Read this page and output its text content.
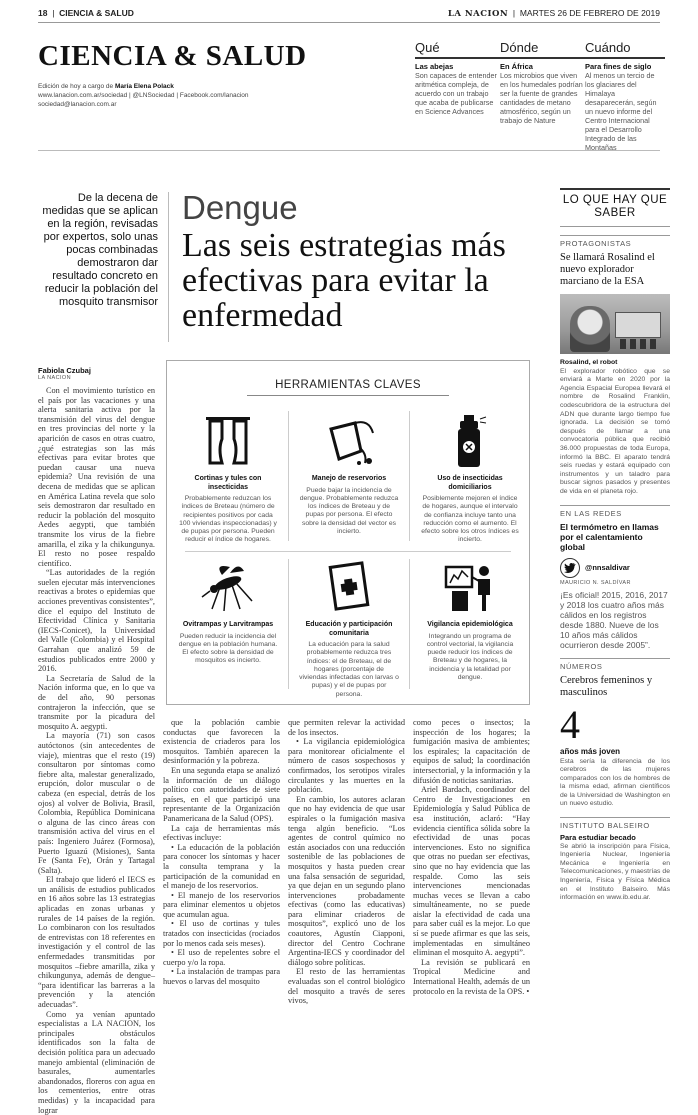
18  |  CIENCIA & SALUD	LA NACION  |  MARTES 26 DE FEBRERO DE 2019
CIENCIA & SALUD
Edición de hoy a cargo de María Elena Polack
www.lanacion.com.ar/sociedad | @LNSociedad | Facebook.com/lanacion
sociedad@lanacion.com.ar
Qué
Las abejas
Son capaces de entender aritmética compleja, de acuerdo con un trabajo que acaba de publicarse en Science Advances
Dónde
En África
Los microbios que viven en los humedales podrían ser la fuente de grandes cantidades de metano atmosférico, según un trabajo de Nature
Cuándo
Para fines de siglo
Al menos un tercio de los glaciares del Himalaya desaparecerán, según un nuevo informe del Centro Internacional para el Desarrollo Integrado de las Montañas
De la decena de medidas que se aplican en la región, revisadas por expertos, solo unas pocas combinadas demostraron dar resultado concreto en reducir la población del mosquito transmisor
Dengue
Las seis estrategias más efectivas para evitar la enfermedad
Fabiola Czubaj
LA NACION

Con el movimiento turístico en el país por las vacaciones y una alerta sanitaria activa por la transmisión del virus del dengue en tres provincias del norte y la aparición de casos en otras cuatro, ¿qué estrategias son las más efectivas para evitar brotes que puedan causar una nueva epidemia? Una revisión de una decena de medidas que se aplican en América Latina revela que solo seis demostraron dar resultado en reducir la población del mosquito Aedes aegypti, que también transmite los virus de la fiebre amarilla, el zika y la chikungunya. El resto no posee respaldo científico.

“Las autoridades de la región suelen ejecutar más intervenciones reactivas a brotes o epidemias que acciones preventivas consistentes”, dice el equipo del Instituto de Efectividad Clínica y Sanitaria (IECS-Conicet), la Universidad del Valle (Colombia) y el Hospital Garrahan que analizó 59 de estudios publicados entre 2000 y 2016.

La Secretaría de Salud de la Nación informa que, en lo que va de del año, 90 personas contrajeron la infección, que se transmite por la picadura del mosquito A. aegypti.

La mayoría (71) son casos autóctonos (sin antecedentes de viaje), mientras que el resto (19) consultaron por síntomas como fiebre alta, malestar generalizado, erupción, dolor muscular o de cabeza (en especial, detrás de los ojos) al volver de Bolivia, Brasil, Colombia, República Dominicana o alguna de las cinco áreas con transmisión activa del virus en el país: Ingeniero Juárez (Formosa), Puerto Iguazú (Misiones), Santa Fe (Santa Fe), Orán y Tartagal (Salta).

El trabajo que lideró el IECS es un análisis de estudios publicados en 16 años sobre las 13 estrategias aplicadas en zonas urbanas y rurales de 14 países de la región. Lo combinaron con los resultados de entrevistas con 18 referentes en investigación y el control de las enfermedades transmitidas por mosquitos –fiebre amarilla, zika y chikungunya, además de dengue– “para identificar las barreras a la prevención y la atención adecuadas”.

Como ya venían apuntado especialistas a LA NACION, los principales obstáculos identificados son la falta de decisión política para un adecuado manejo ambiental (eliminación de basurales, aumentarles abandonados, floreros con agua en los cementerios, entre otras medidas) y la incapacidad para lograr

que la población cambie conductas que favorecen la existencia de criaderos para los mosquitos. También aparecen la desinformación y la pobreza.

En una segunda etapa se analizó la información de un diálogo político con autoridades de siete países, en el que participó una representante de la Organización Panamericana de la Salud (OPS).

La caja de herramientas más efectivas incluye:

• La educación de la población para conocer los síntomas y hacer la consulta temprana y la participación de la comunidad en el manejo de los reservorios.

• El manejo de los reservorios para eliminar elementos u objetos que acumulan agua.

• El uso de cortinas y tules tratados con insecticidas (rociados por lo menos cada seis meses).

• El uso de repelentes sobre el cuerpo y/o la ropa.

• La instalación de trampas para huevos o larvas del mosquito

que permiten relevar la actividad de los insectos.

• La vigilancia epidemiológica para monitorear oficialmente el número de casos sospechosos y confirmados, los serotipos virales circulantes y las muertes en la población.

En cambio, los autores aclaran que no hay evidencia de que usar espirales o la fumigación masiva tenga algún beneficio. “Los agentes de control químico no están asociados con una reducción sostenible de las poblaciones de mosquitos y hasta pueden crear una falsa sensación de seguridad, ya que dejan en un segundo plano intervenciones probadamente efectivas (como las educativas) para eliminar criaderos de mosquitos”, explicó uno de los coautores, Agustín Ciapponi, director del Centro Cochrane Argentina-IECS y coordinador del diálogo sobre políticas.

El resto de las herramientas evaluadas son el control biológico del mosquito a través de seres vivos,

como peces o insectos; la inspección de los hogares; la fumigación masiva de ambientes; los espirales; la capacitación de equipos de salud; la coordinación intersectorial, y la información y la difusión de noticias sanitarias.

Ariel Bardach, coordinador del Centro de Investigaciones en Epidemiología y Salud Pública de esa institución, aclaró: “Hay evidencia científica sólida sobre la efectividad de unas pocas intervenciones. Esto no significa que otras no puedan ser efectivas, sino que no hay evidencia que las respalde. Como las seis intervenciones mencionadas muchas veces se llevan a cabo simultáneamente, no se puede aislar la efectividad de cada una para saber cuál es la mejor. Lo que sí se puede afirmar es que las seis, implementadas en simultáneo eliminan el mosquito A. aegypti”.

La revisión se publicará en Tropical Medicine and International Health, además de un protocolo en la revista de la OPS. •

HERRAMIENTAS CLAVES
Cortinas y tules con insecticidas
Probablemente reduzcan los índices de Breteau (número de recipientes positivos por cada 100 viviendas inspeccionadas) y de pupas por persona. Pueden reducir el índice de hogares.
Manejo de reservorios
Puede bajar la incidencia de dengue. Probablemente reduzca los índices de Breteau y de pupas por persona. El efecto sobre la densidad del vector es incierto.
Uso de insecticidas domiciliarios
Posiblemente mejoren el índice de hogares, aunque el intervalo de confianza incluye tanto una reducción como el aumento. El efecto sobre los otros índices es incierto.
Ovitrampas y Larvitrampas
Pueden reducir la incidencia del dengue en la población humana. El efecto sobre la densidad de mosquitos es incierto.
Educación y participación comunitaria
La educación para la salud probablemente reduzca tres índices: el de Breteau, el de hogares (porcentaje de viviendas infectadas con larvas o pupas) y el de pupas por persona.
Vigilancia epidemiológica
Integrando un programa de control vectorial, la vigilancia puede reducir los índices de Breteau y de hogares, la incidencia y la letalidad por dengue.
LO QUE HAY QUE SABER
PROTAGONISTAS
Se llamará Rosalind el nuevo explorador marciano de la ESA
Rosalind, el robot
El explorador robótico que se enviará a Marte en 2020 por la Agencia Espacial Europea llevará el nombre de Rosalind Franklin, codescubridora de la estructura del ADN que durante largo tiempo fue ignorada. La decisión se tomó después de llamar a una convocatoria pública que recibió 36.000 propuestas de toda Europa, informó la BBC. El aparato tendrá seis ruedas y estará equipado con instrumentos y un taladro para buscar signos pasados y presentes de vida en el planeta rojo.
EN LAS REDES
El termómetro en llamas por el calentamiento global
@nnsaldivar
MAURICIO N. SALDÍVAR
¡Es oficial! 2015, 2016, 2017 y 2018 los cuatro años más cálidos en los registros desde 1880. Nueve de los 10 años más cálidos ocurrieron desde 2005”.
NÚMEROS
Cerebros femeninos y masculinos
4
años más joven
Esta sería la diferencia de los cerebros de las mujeres comparados con los de hombres de la misma edad, afirman científicos de la Universidad de Washington en un nuevo estudio.
INSTITUTO BALSEIRO
Para estudiar becado
Se abrió la inscripción para Física, Ingeniería Nuclear, Ingeniería Mecánica e Ingeniería en Telecomunicaciones, y maestrías de Ingeniería, Física y Física Médica en el Instituto Balseiro. Más información en www.ib.edu.ar.
